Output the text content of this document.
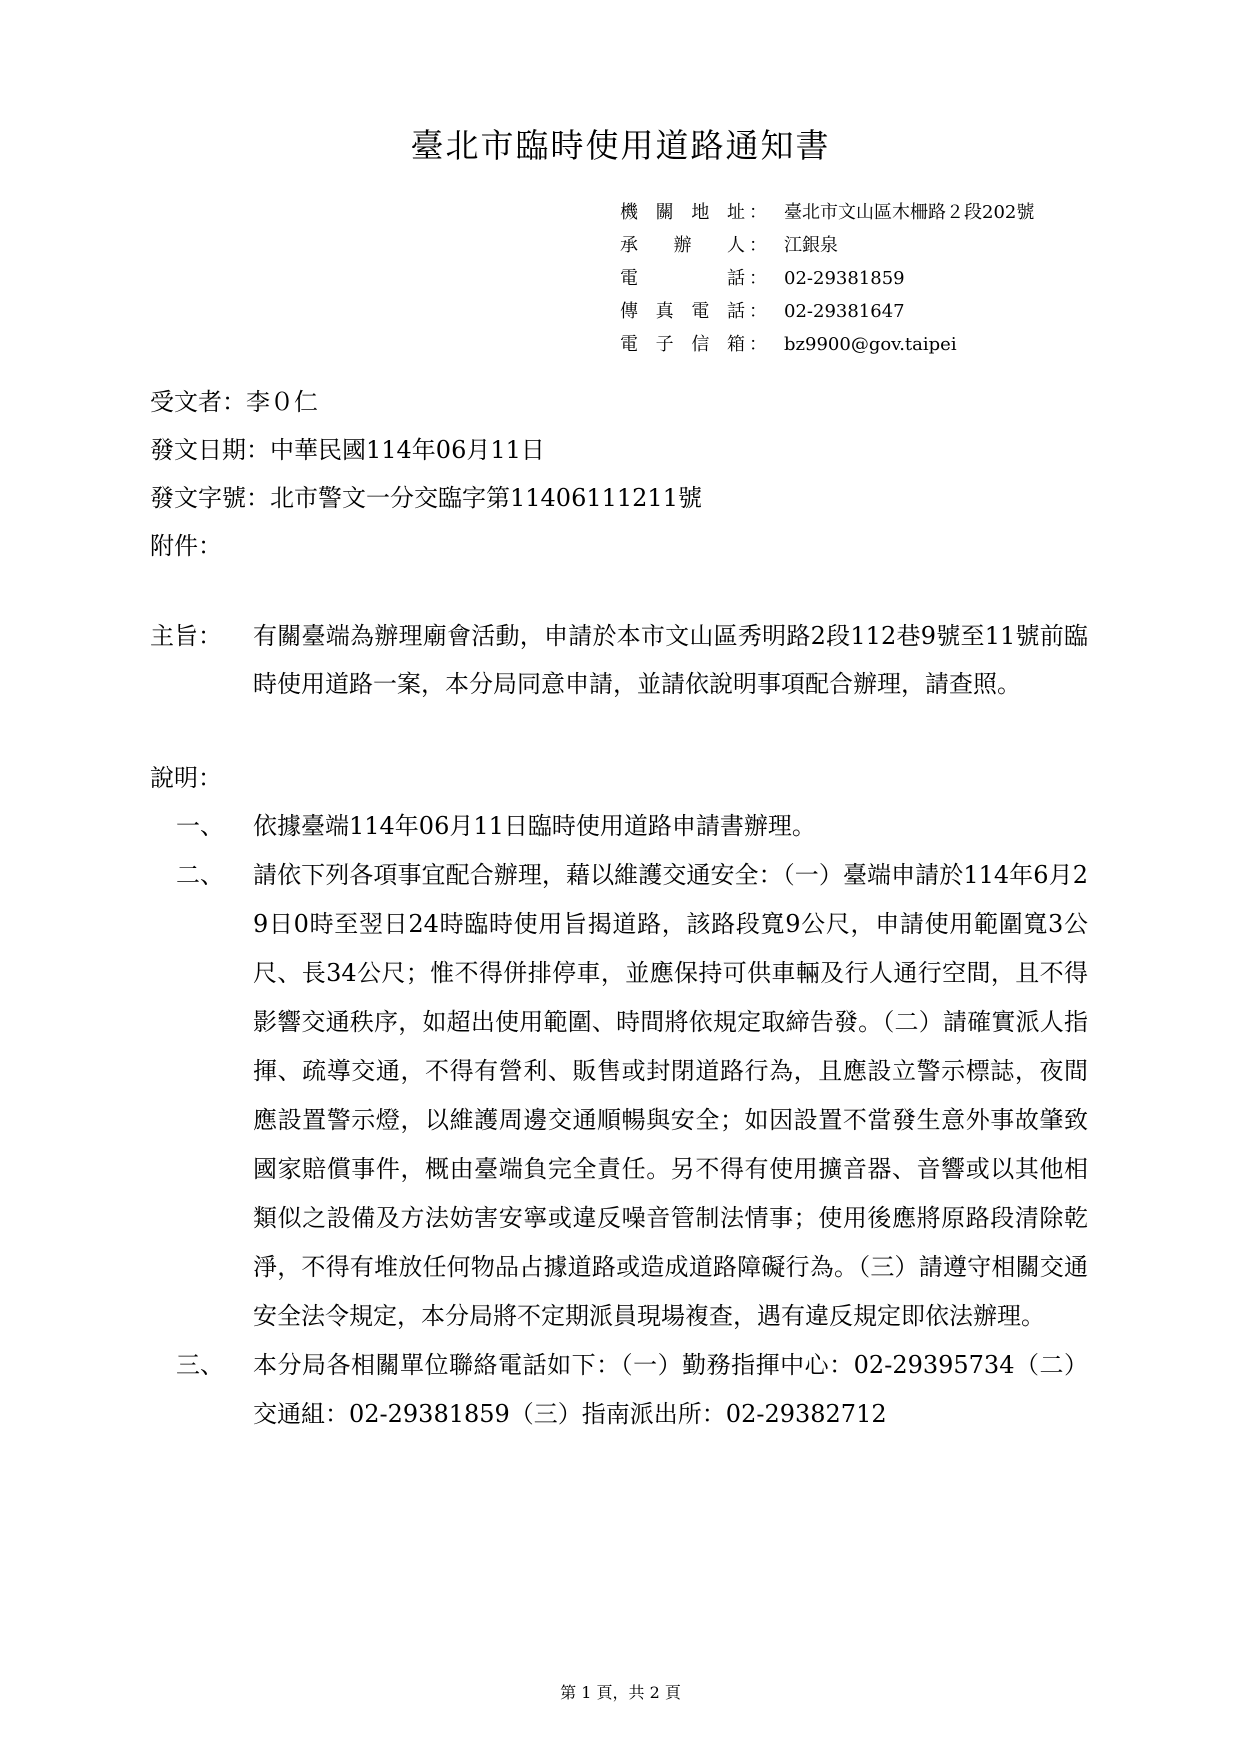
臺北市臨時使用道路通知書
機關地址 ： 臺北市文山區木柵路２段202號
承辦人 ： 江銀泉
電話 ： 02-29381859
傳真電話 ： 02-29381647
電子信箱 ： bz9900@gov.taipei
受文者：李０仁
發文日期：中華民國114年06月11日
發文字號：北市警文一分交臨字第11406111211號
附件：
主旨：	有關臺端為辦理廟會活動，申請於本市文山區秀明路2段112巷9號至11號前臨時使用道路一案，本分局同意申請，並請依說明事項配合辦理，請查照。
說明：
一、	依據臺端114年06月11日臨時使用道路申請書辦理。
二、	請依下列各項事宜配合辦理，藉以維護交通安全：（一）臺端申請於114年6月29日0時至翌日24時臨時使用旨揭道路，該路段寬9公尺，申請使用範圍寬3公尺、長34公尺；惟不得併排停車，並應保持可供車輛及行人通行空間，且不得影響交通秩序，如超出使用範圍、時間將依規定取締告發。（二）請確實派人指揮、疏導交通，不得有營利、販售或封閉道路行為，且應設立警示標誌，夜間應設置警示燈，以維護周邊交通順暢與安全；如因設置不當發生意外事故肇致國家賠償事件，概由臺端負完全責任。另不得有使用擴音器、音響或以其他相類似之設備及方法妨害安寧或違反噪音管制法情事；使用後應將原路段清除乾淨，不得有堆放任何物品占據道路或造成道路障礙行為。（三）請遵守相關交通安全法令規定，本分局將不定期派員現場複查，遇有違反規定即依法辦理。
三、	本分局各相關單位聯絡電話如下：（一）勤務指揮中心：02-29395734（二）交通組：02-29381859（三）指南派出所：02-29382712
第 1 頁，共 2 頁
